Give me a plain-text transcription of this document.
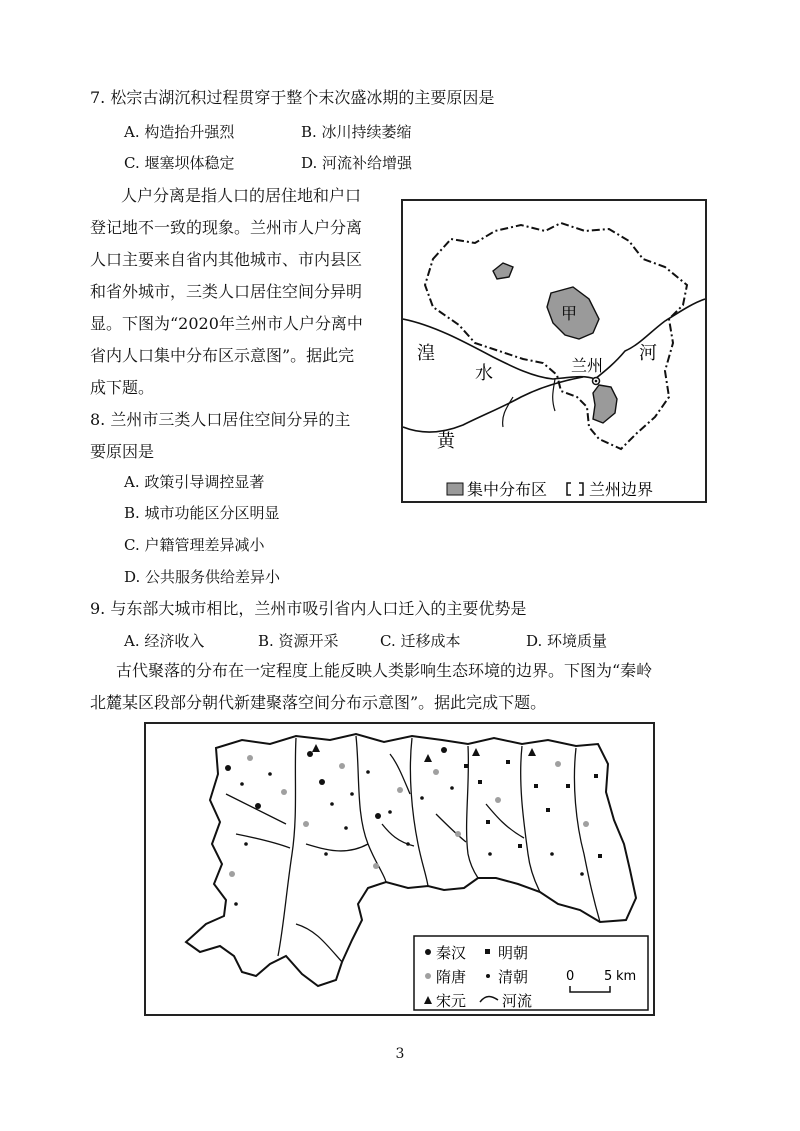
7. 松宗古湖沉积过程贯穿于整个末次盛冰期的主要原因是
A. 构造抬升强烈	B. 冰川持续萎缩
C. 堰塞坝体稳定	D. 河流补给增强
人户分离是指人口的居住地和户口
登记地不一致的现象。兰州市人户分离
人口主要来自省内其他城市、市内县区
和省外城市，三类人口居住空间分异明
显。下图为“2020年兰州市人户分离中
省内人口集中分布区示意图”。据此完
成下题。
8. 兰州市三类人口居住空间分异的主
要原因是
A. 政策引导调控显著
B. 城市功能区分区明显
C. 户籍管理差异减小
D. 公共服务供给差异小
甲
兰州
湟
水
河
黄
集中分布区	兰州边界
9. 与东部大城市相比，兰州市吸引省内人口迁入的主要优势是
A. 经济收入	B. 资源开采	C. 迁移成本	D. 环境质量
古代聚落的分布在一定程度上能反映人类影响生态环境的边界。下图为“秦岭
北麓某区段部分朝代新建聚落空间分布示意图”。据此完成下题。
秦汉 明朝
隋唐 清朝
宋元 河流
0 5 km
3
